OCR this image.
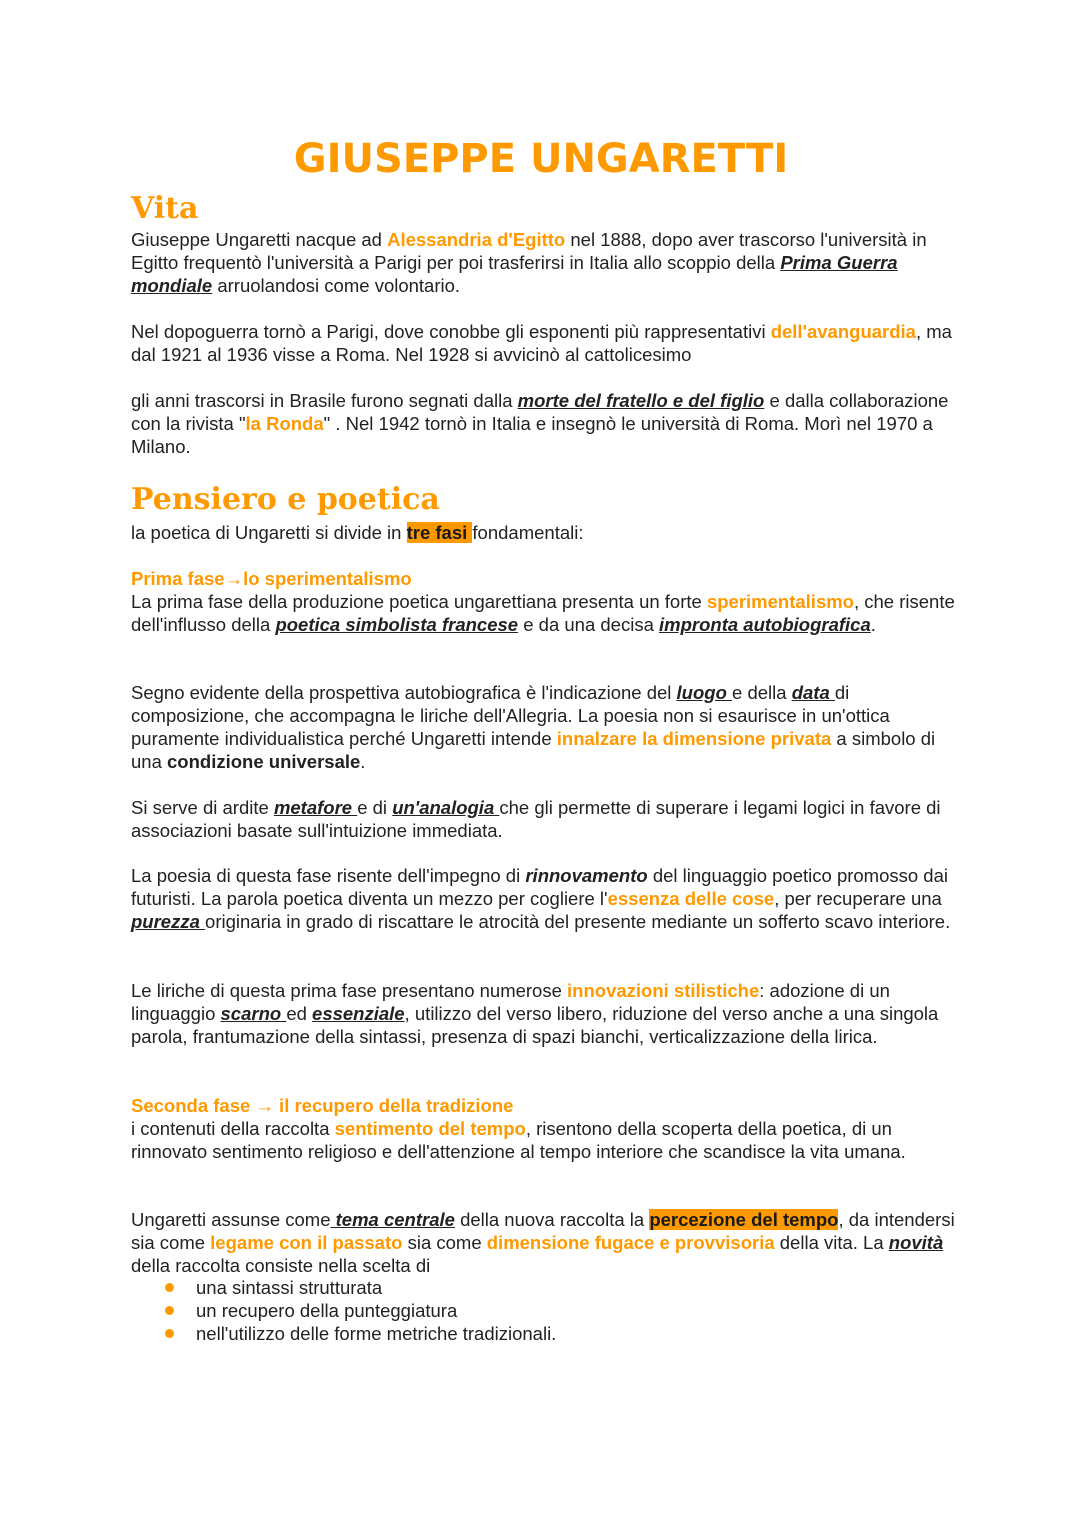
GIUSEPPE UNGARETTI
Vita

Giuseppe Ungaretti nacque ad Alessandria d'Egitto nel 1888, dopo aver trascorso l'università in Egitto frequentò l'università a Parigi per poi trasferirsi in Italia allo scoppio della Prima Guerra mondiale arruolandosi come volontario.

Nel dopoguerra tornò a Parigi, dove conobbe gli esponenti più rappresentativi dell'avanguardia, ma dal 1921 al 1936 visse a Roma. Nel 1928 si avvicinò al cattolicesimo

gli anni trascorsi in Brasile furono segnati dalla morte del fratello e del figlio e dalla collaborazione con la rivista "la Ronda" . Nel 1942 tornò in Italia e insegnò le università di Roma. Morì nel 1970 a Milano.

Pensiero e poetica

la poetica di Ungaretti si divide in tre fasi fondamentali:

Prima fase→lo sperimentalismo

La prima fase della produzione poetica ungarettiana presenta un forte sperimentalismo, che risente dell'influsso della poetica simbolista francese e da una decisa impronta autobiografica.

Segno evidente della prospettiva autobiografica è l'indicazione del luogo e della data di composizione, che accompagna le liriche dell'Allegria. La poesia non si esaurisce in un'ottica puramente individualistica perché Ungaretti intende innalzare la dimensione privata a simbolo di una condizione universale.

Si serve di ardite metafore e di un'analogia che gli permette di superare i legami logici in favore di associazioni basate sull'intuizione immediata.

La poesia di questa fase risente dell'impegno di rinnovamento del linguaggio poetico promosso dai futuristi. La parola poetica diventa un mezzo per cogliere l'essenza delle cose, per recuperare una purezza originaria in grado di riscattare le atrocità del presente mediante un sofferto scavo interiore.

Le liriche di questa prima fase presentano numerose innovazioni stilistiche: adozione di un linguaggio scarno ed essenziale, utilizzo del verso libero, riduzione del verso anche a una singola parola, frantumazione della sintassi, presenza di spazi bianchi, verticalizzazione della lirica.

Seconda fase → il recupero della tradizione

i contenuti della raccolta sentimento del tempo, risentono della scoperta della poetica, di un rinnovato sentimento religioso e dell'attenzione al tempo interiore che scandisce la vita umana.

Ungaretti assunse come tema centrale della nuova raccolta la percezione del tempo, da intendersi sia come legame con il passato sia come dimensione fugace e provvisoria della vita. La novità della raccolta consiste nella scelta di

una sintassi strutturata
un recupero della punteggiatura
nell'utilizzo delle forme metriche tradizionali.
